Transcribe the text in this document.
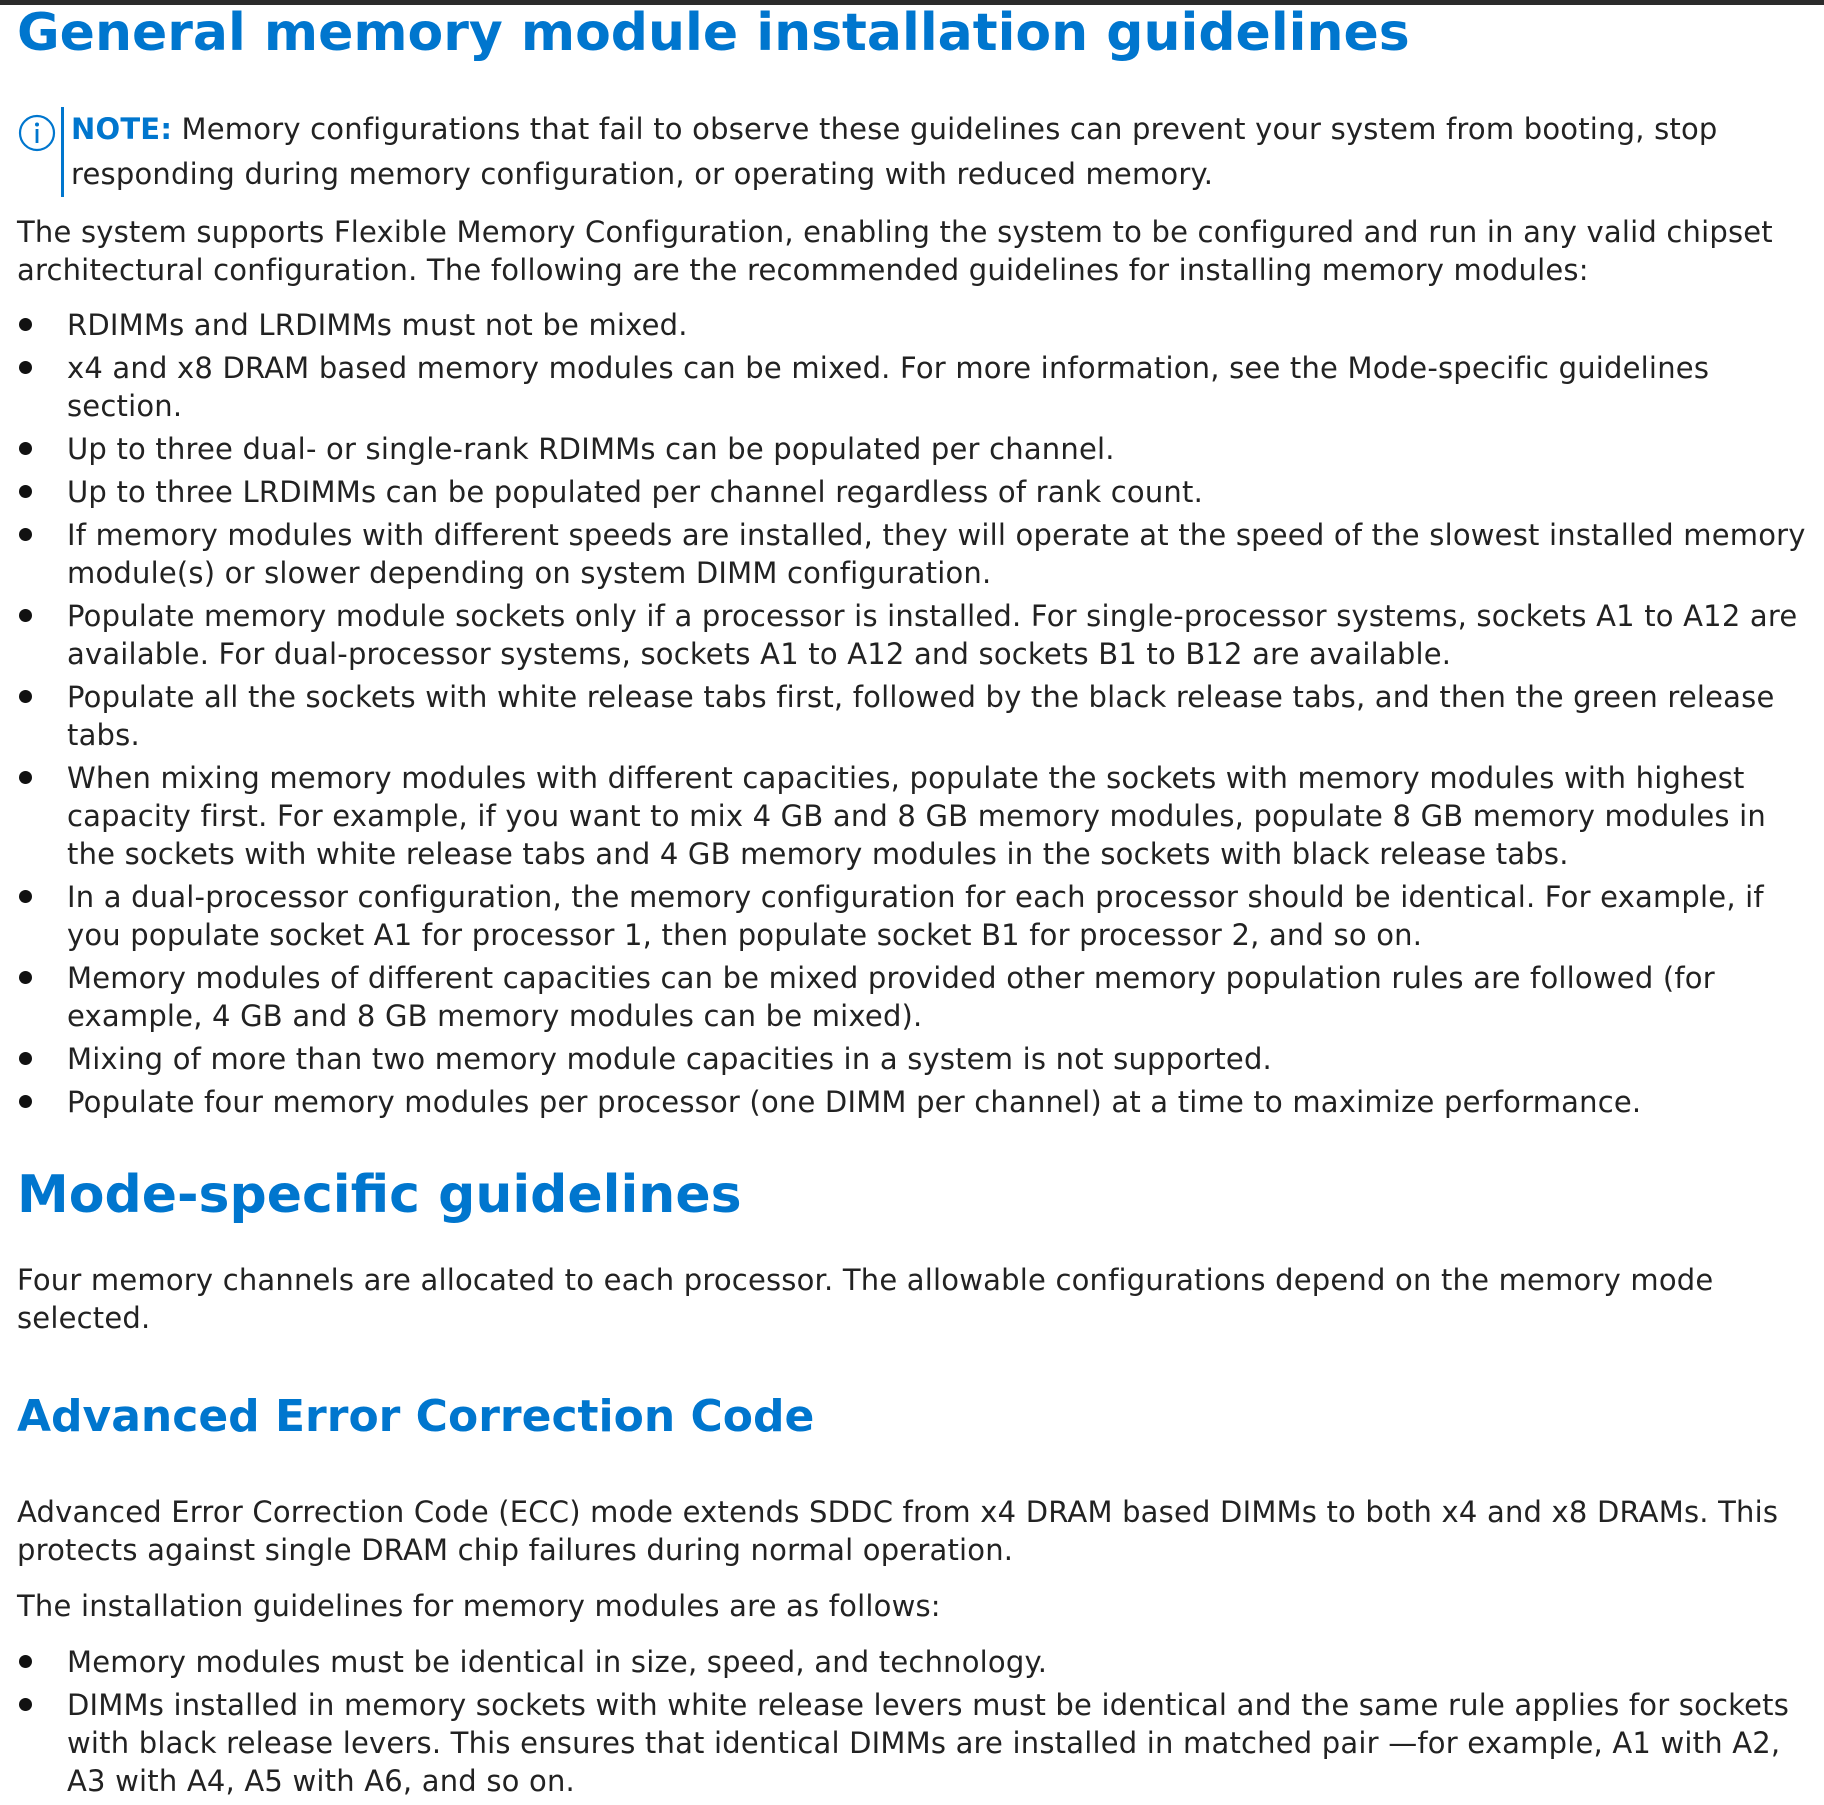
General memory module installation guidelines
NOTE: Memory configurations that fail to observe these guidelines can prevent your system from booting, stop responding during memory configuration, or operating with reduced memory.

The system supports Flexible Memory Configuration, enabling the system to be configured and run in any valid chipset architectural configuration. The following are the recommended guidelines for installing memory modules:

RDIMMs and LRDIMMs must not be mixed.
x4 and x8 DRAM based memory modules can be mixed. For more information, see the Mode-specific guidelines section.
Up to three dual- or single-rank RDIMMs can be populated per channel.
Up to three LRDIMMs can be populated per channel regardless of rank count.
If memory modules with different speeds are installed, they will operate at the speed of the slowest installed memory module(s) or slower depending on system DIMM configuration.
Populate memory module sockets only if a processor is installed. For single-processor systems, sockets A1 to A12 are available. For dual-processor systems, sockets A1 to A12 and sockets B1 to B12 are available.
Populate all the sockets with white release tabs first, followed by the black release tabs, and then the green release tabs.
When mixing memory modules with different capacities, populate the sockets with memory modules with highest capacity first. For example, if you want to mix 4 GB and 8 GB memory modules, populate 8 GB memory modules in the sockets with white release tabs and 4 GB memory modules in the sockets with black release tabs.
In a dual-processor configuration, the memory configuration for each processor should be identical. For example, if you populate socket A1 for processor 1, then populate socket B1 for processor 2, and so on.
Memory modules of different capacities can be mixed provided other memory population rules are followed (for example, 4 GB and 8 GB memory modules can be mixed).
Mixing of more than two memory module capacities in a system is not supported.
Populate four memory modules per processor (one DIMM per channel) at a time to maximize performance.
Mode-specific guidelines

Four memory channels are allocated to each processor. The allowable configurations depend on the memory mode selected.

Advanced Error Correction Code

Advanced Error Correction Code (ECC) mode extends SDDC from x4 DRAM based DIMMs to both x4 and x8 DRAMs. This protects against single DRAM chip failures during normal operation.

The installation guidelines for memory modules are as follows:

Memory modules must be identical in size, speed, and technology.
DIMMs installed in memory sockets with white release levers must be identical and the same rule applies for sockets with black release levers. This ensures that identical DIMMs are installed in matched pair —for example, A1 with A2, A3 with A4, A5 with A6, and so on.
